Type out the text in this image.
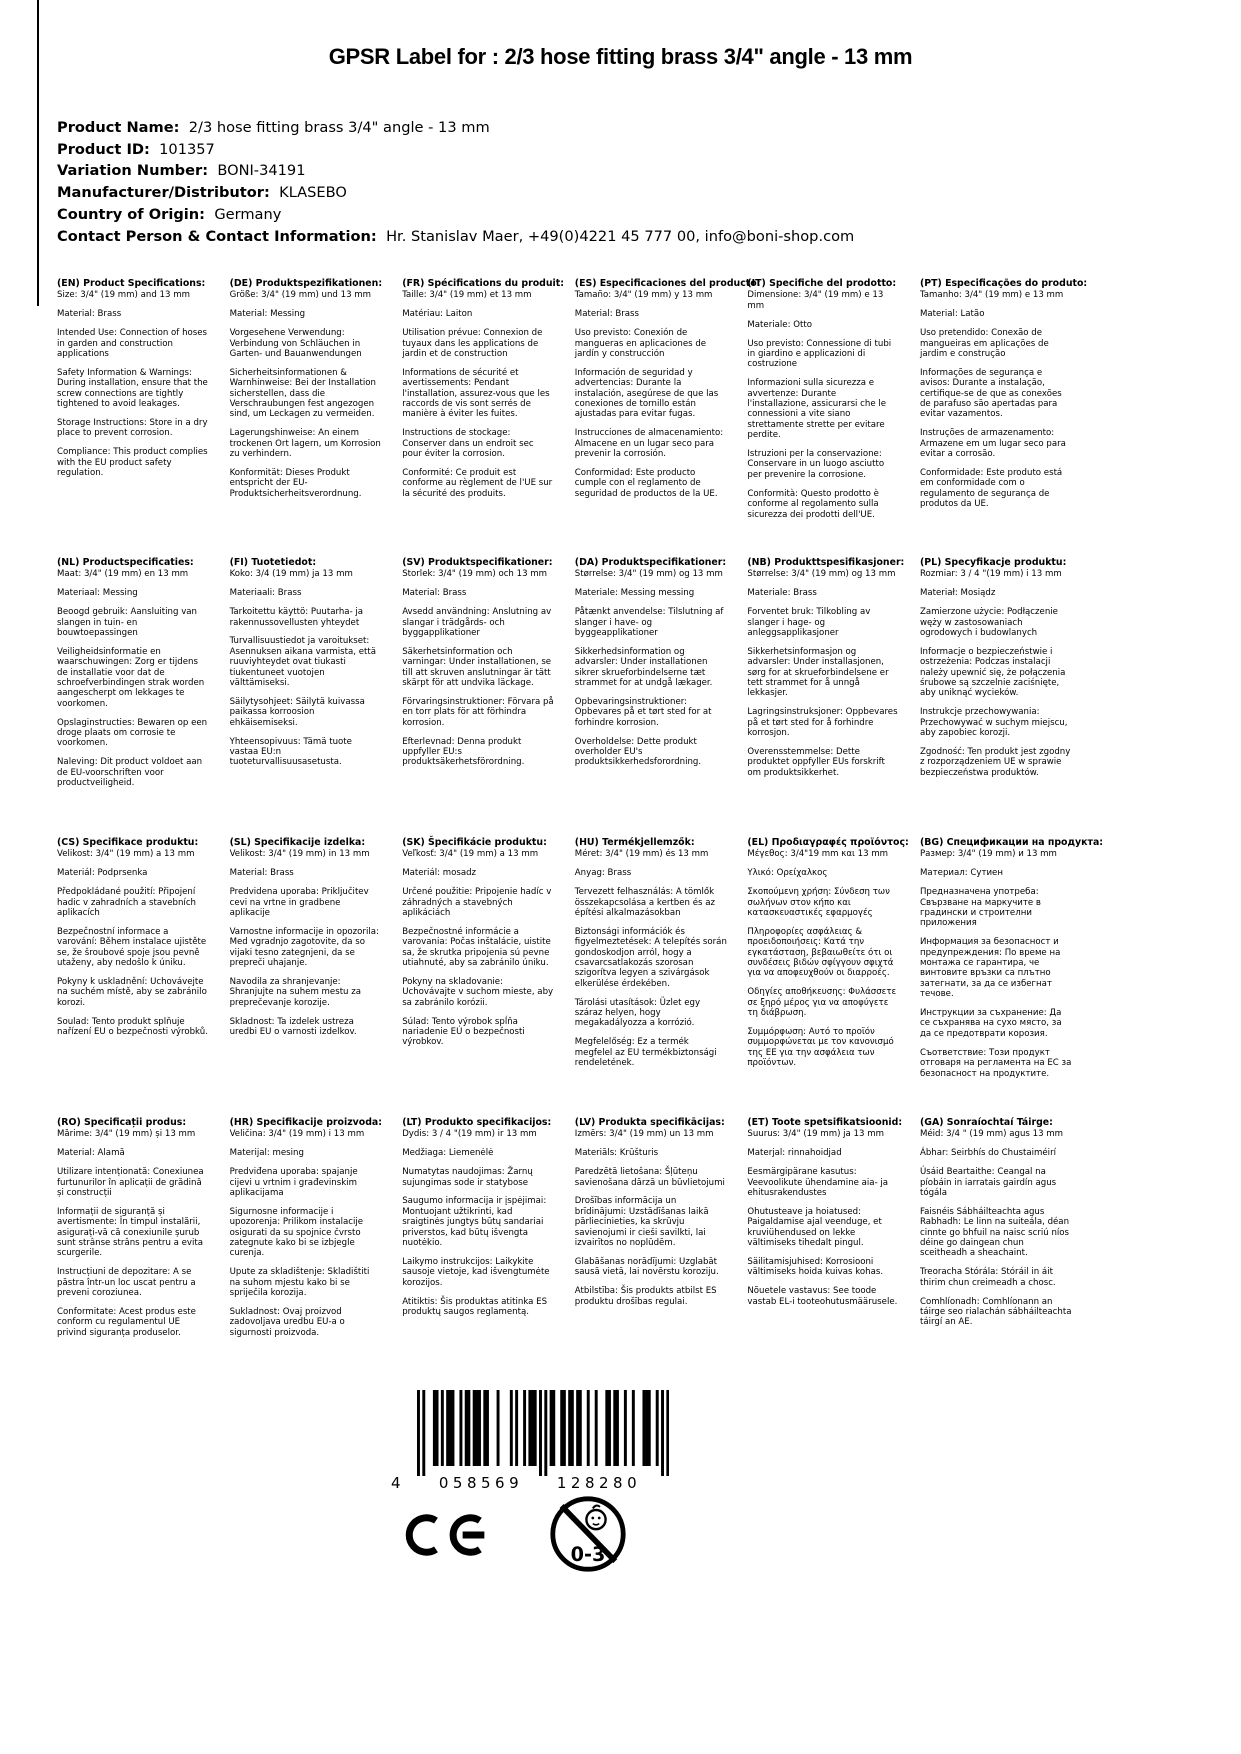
GPSR Label for : 2/3 hose fitting brass 3/4" angle - 13 mm
Product Name: 2/3 hose fitting brass 3/4" angle - 13 mm
Product ID: 101357
Variation Number: BONI-34191
Manufacturer/Distributor: KLASEBO
Country of Origin: Germany
Contact Person & Contact Information: Hr. Stanislav Maer, +49(0)4221 45 777 00, info@boni-shop.com
(EN) Product Specifications:

Size: 3/4" (19 mm) and 13 mm

Material: Brass

Intended Use: Connection of hoses in garden and construction applications

Safety Information & Warnings: During installation, ensure that the screw connections are tightly tightened to avoid leakages.

Storage Instructions: Store in a dry place to prevent corrosion.

Compliance: This product complies with the EU product safety regulation.

(DE) Produktspezifikationen:

Größe: 3/4" (19 mm) und 13 mm

Material: Messing

Vorgesehene Verwendung: Verbindung von Schläuchen in Garten- und Bauanwendungen

Sicherheitsinformationen & Warnhinweise: Bei der Installation sicherstellen, dass die Verschraubungen fest angezogen sind, um Leckagen zu vermeiden.

Lagerungshinweise: An einem trockenen Ort lagern, um Korrosion zu verhindern.

Konformität: Dieses Produkt entspricht der EU-Produktsicherheitsverordnung.

(FR) Spécifications du produit:

Taille: 3/4" (19 mm) et 13 mm

Matériau: Laiton

Utilisation prévue: Connexion de tuyaux dans les applications de jardin et de construction

Informations de sécurité et avertissements: Pendant l'installation, assurez-vous que les raccords de vis sont serrés de manière à éviter les fuites.

Instructions de stockage: Conserver dans un endroit sec pour éviter la corrosion.

Conformité: Ce produit est conforme au règlement de l'UE sur la sécurité des produits.

(ES) Especificaciones del producto:

Tamaño: 3/4" (19 mm) y 13 mm

Material: Brass

Uso previsto: Conexión de mangueras en aplicaciones de jardín y construcción

Información de seguridad y advertencias: Durante la instalación, asegúrese de que las conexiones de tornillo están ajustadas para evitar fugas.

Instrucciones de almacenamiento: Almacene en un lugar seco para prevenir la corrosión.

Conformidad: Este producto cumple con el reglamento de seguridad de productos de la UE.

(IT) Specifiche del prodotto:

Dimensione: 3/4" (19 mm) e 13 mm

Materiale: Otto

Uso previsto: Connessione di tubi in giardino e applicazioni di costruzione

Informazioni sulla sicurezza e avvertenze: Durante l'installazione, assicurarsi che le connessioni a vite siano strettamente strette per evitare perdite.

Istruzioni per la conservazione: Conservare in un luogo asciutto per prevenire la corrosione.

Conformità: Questo prodotto è conforme al regolamento sulla sicurezza dei prodotti dell'UE.

(PT) Especificações do produto:

Tamanho: 3/4" (19 mm) e 13 mm

Material: Latão

Uso pretendido: Conexão de mangueiras em aplicações de jardim e construção

Informações de segurança e avisos: Durante a instalação, certifique-se de que as conexões de parafuso são apertadas para evitar vazamentos.

Instruções de armazenamento: Armazene em um lugar seco para evitar a corrosão.

Conformidade: Este produto está em conformidade com o regulamento de segurança de produtos da UE.

(NL) Productspecificaties:

Maat: 3/4" (19 mm) en 13 mm

Materiaal: Messing

Beoogd gebruik: Aansluiting van slangen in tuin- en bouwtoepassingen

Veiligheidsinformatie en waarschuwingen: Zorg er tijdens de installatie voor dat de schroefverbindingen strak worden aangescherpt om lekkages te voorkomen.

Opslaginstructies: Bewaren op een droge plaats om corrosie te voorkomen.

Naleving: Dit product voldoet aan de EU-voorschriften voor productveiligheid.

(FI) Tuotetiedot:

Koko: 3/4 (19 mm) ja 13 mm

Materiaali: Brass

Tarkoitettu käyttö: Puutarha- ja rakennussovellusten yhteydet

Turvallisuustiedot ja varoitukset: Asennuksen aikana varmista, että ruuviyhteydet ovat tiukasti tiukentuneet vuotojen välttämiseksi.

Säilytysohjeet: Säilytä kuivassa paikassa korroosion ehkäisemiseksi.

Yhteensopivuus: Tämä tuote vastaa EU:n tuoteturvallisuusasetusta.

(SV) Produktspecifikationer:

Storlek: 3/4" (19 mm) och 13 mm

Material: Brass

Avsedd användning: Anslutning av slangar i trädgårds- och byggapplikationer

Säkerhetsinformation och varningar: Under installationen, se till att skruven anslutningar är tätt skärpt för att undvika läckage.

Förvaringsinstruktioner: Förvara på en torr plats för att förhindra korrosion.

Efterlevnad: Denna produkt uppfyller EU:s produktsäkerhetsförordning.

(DA) Produktspecifikationer:

Størrelse: 3/4" (19 mm) og 13 mm

Materiale: Messing messing

Påtænkt anvendelse: Tilslutning af slanger i have- og byggeapplikationer

Sikkerhedsinformation og advarsler: Under installationen sikrer skrueforbindelserne tæt strammet for at undgå lækager.

Opbevaringsinstruktioner: Opbevares på et tørt sted for at forhindre korrosion.

Overholdelse: Dette produkt overholder EU's produktsikkerhedsforordning.

(NB) Produkttspesifikasjoner:

Størrelse: 3/4" (19 mm) og 13 mm

Materiale: Brass

Forventet bruk: Tilkobling av slanger i hage- og anleggsapplikasjoner

Sikkerhetsinformasjon og advarsler: Under installasjonen, sørg for at skrueforbindelsene er tett strammet for å unngå lekkasjer.

Lagringsinstruksjoner: Oppbevares på et tørt sted for å forhindre korrosjon.

Overensstemmelse: Dette produktet oppfyller EUs forskrift om produktsikkerhet.

(PL) Specyfikacje produktu:

Rozmiar: 3 / 4 "(19 mm) i 13 mm

Materiał: Mosiądz

Zamierzone użycie: Podłączenie węży w zastosowaniach ogrodowych i budowlanych

Informacje o bezpieczeństwie i ostrzeżenia: Podczas instalacji należy upewnić się, że połączenia śrubowe są szczelnie zaciśnięte, aby uniknąć wycieków.

Instrukcje przechowywania: Przechowywać w suchym miejscu, aby zapobiec korozji.

Zgodność: Ten produkt jest zgodny z rozporządzeniem UE w sprawie bezpieczeństwa produktów.

(CS) Specifikace produktu:

Velikost: 3/4" (19 mm) a 13 mm

Materiál: Podprsenka

Předpokládané použití: Připojení hadic v zahradních a stavebních aplikacích

Bezpečnostní informace a varování: Během instalace ujistěte se, že šroubové spoje jsou pevně utaženy, aby nedošlo k úniku.

Pokyny k uskladnění: Uchovávejte na suchém místě, aby se zabránilo korozi.

Soulad: Tento produkt splňuje nařízení EU o bezpečnosti výrobků.

(SL) Specifikacije izdelka:

Velikost: 3/4" (19 mm) in 13 mm

Material: Brass

Predvidena uporaba: Priključitev cevi na vrtne in gradbene aplikacije

Varnostne informacije in opozorila: Med vgradnjo zagotovite, da so vijaki tesno zategnjeni, da se prepreči uhajanje.

Navodila za shranjevanje: Shranjujte na suhem mestu za preprečevanje korozije.

Skladnost: Ta izdelek ustreza uredbi EU o varnosti izdelkov.

(SK) Špecifikácie produktu:

Veľkosť: 3/4" (19 mm) a 13 mm

Materiál: mosadz

Určené použitie: Pripojenie hadíc v záhradných a stavebných aplikáciách

Bezpečnostné informácie a varovania: Počas inštalácie, uistite sa, že skrutka pripojenia sú pevne utiahnuté, aby sa zabránilo úniku.

Pokyny na skladovanie: Uchovávajte v suchom mieste, aby sa zabránilo korózii.

Súlad: Tento výrobok spĺňa nariadenie EÚ o bezpečnosti výrobkov.

(HU) Termékjellemzők:

Méret: 3/4" (19 mm) és 13 mm

Anyag: Brass

Tervezett felhasználás: A tömlők összekapcsolása a kertben és az építési alkalmazásokban

Biztonsági információk és figyelmeztetések: A telepítés során gondoskodjon arról, hogy a csavarcsatlakozás szorosan szigorítva legyen a szivárgások elkerülése érdekében.

Tárolási utasítások: Üzlet egy száraz helyen, hogy megakadályozza a korrózió.

Megfelelőség: Ez a termék megfelel az EU termékbiztonsági rendeletének.

(EL) Προδιαγραφές προϊόντος:

Μέγεθος: 3/4"19 mm και 13 mm

Υλικό: Ορείχαλκος

Σκοπούμενη χρήση: Σύνδεση των σωλήνων στον κήπο και κατασκευαστικές εφαρμογές

Πληροφορίες ασφάλειας & προειδοποιήσεις: Κατά την εγκατάσταση, βεβαιωθείτε ότι οι συνδέσεις βιδών σφίγγουν σφιχτά για να αποφευχθούν οι διαρροές.

Οδηγίες αποθήκευσης: Φυλάσσετε σε ξηρό μέρος για να αποφύγετε τη διάβρωση.

Συμμόρφωση: Αυτό το προϊόν συμμορφώνεται με τον κανονισμό της ΕΕ για την ασφάλεια των προϊόντων.

(BG) Спецификации на продукта:

Размер: 3/4" (19 mm) и 13 mm

Материал: Сутиен

Предназначена употреба: Свързване на маркучите в градински и строителни приложения

Информация за безопасност и предупреждения: По време на монтажа се гарантира, че винтовите връзки са плътно затегнати, за да се избегнат течове.

Инструкции за съхранение: Да се съхранява на сухо място, за да се предотврати корозия.

Съответствие: Този продукт отговаря на регламента на ЕС за безопасност на продуктите.

(RO) Specificații produs:

Mărime: 3/4" (19 mm) și 13 mm

Material: Alamă

Utilizare intenționată: Conexiunea furtunurilor în aplicații de grădină și construcții

Informații de siguranță și avertismente: În timpul instalării, asigurați-vă că conexiunile șurub sunt strânse strâns pentru a evita scurgerile.

Instrucțiuni de depozitare: A se păstra într-un loc uscat pentru a preveni coroziunea.

Conformitate: Acest produs este conform cu regulamentul UE privind siguranța produselor.

(HR) Specifikacije proizvoda:

Veličina: 3/4" (19 mm) i 13 mm

Materijal: mesing

Predviđena uporaba: spajanje cijevi u vrtnim i građevinskim aplikacijama

Sigurnosne informacije i upozorenja: Prilikom instalacije osigurati da su spojnice čvrsto zategnute kako bi se izbjegle curenja.

Upute za skladištenje: Skladištiti na suhom mjestu kako bi se spriječila korozija.

Sukladnost: Ovaj proizvod zadovoljava uredbu EU-a o sigurnosti proizvoda.

(LT) Produkto specifikacijos:

Dydis: 3 / 4 "(19 mm) ir 13 mm

Medžiaga: Liemenėlė

Numatytas naudojimas: Žarnų sujungimas sode ir statybose

Saugumo informacija ir įspėjimai: Montuojant užtikrinti, kad sraigtinės jungtys būtų sandariai priverstos, kad būtų išvengta nuotėkio.

Laikymo instrukcijos: Laikykite sausoje vietoje, kad išvengtumėte korozijos.

Atitiktis: Šis produktas atitinka ES produktų saugos reglamentą.

(LV) Produkta specifikācijas:

Izmērs: 3/4" (19 mm) un 13 mm

Materiāls: Krūšturis

Paredzētā lietošana: Šļūteņu savienošana dārzā un būvlietojumi

Drošības informācija un brīdinājumi: Uzstādīšanas laikā pārliecinieties, ka skrūvju savienojumi ir cieši savilkti, lai izvairītos no noplūdēm.

Glabāšanas norādījumi: Uzglabāt sausā vietā, lai novērstu koroziju.

Atbilstība: Šis produkts atbilst ES produktu drošības regulai.

(ET) Toote spetsifikatsioonid:

Suurus: 3/4" (19 mm) ja 13 mm

Materjal: rinnahoidjad

Eesmärgipärane kasutus: Veevoolikute ühendamine aia- ja ehitusrakendustes

Ohutusteave ja hoiatused: Paigaldamise ajal veenduge, et kruviühendused on lekke vältimiseks tihedalt pingul.

Säilitamisjuhised: Korrosiooni vältimiseks hoida kuivas kohas.

Nõuetele vastavus: See toode vastab EL-i tooteohutusmäärusele.

(GA) Sonraíochtaí Táirge:

Méid: 3/4 " (19 mm) agus 13 mm

Ábhar: Seirbhís do Chustaiméirí

Úsáid Beartaithe: Ceangal na píobáin in iarratais gairdín agus tógála

Faisnéis Sábháilteachta agus Rabhadh: Le linn na suiteála, déan cinnte go bhfuil na naisc scriú níos déine go daingean chun sceitheadh a sheachaint.

Treoracha Stórála: Stóráil in áit thirim chun creimeadh a chosc.

Comhlíonadh: Comhlíonann an táirge seo rialachán sábháilteachta táirgí an AE.

4	058569	128280
0-3
